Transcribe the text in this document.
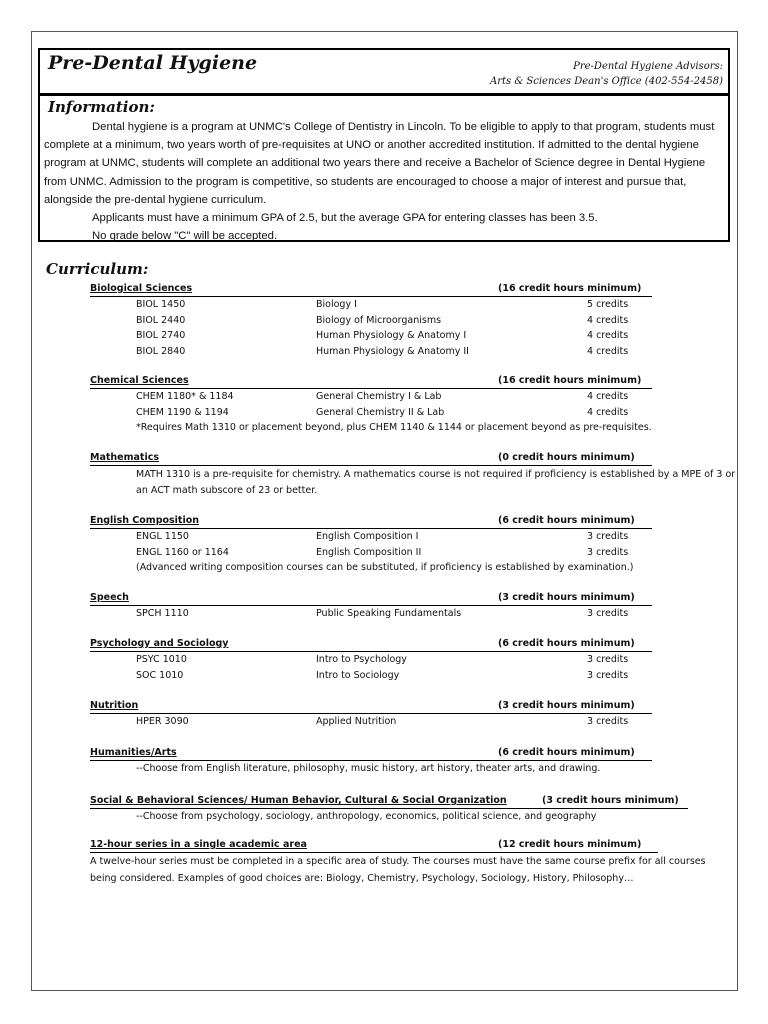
Pre-Dental Hygiene	Pre-Dental Hygiene Advisors:
Arts & Sciences Dean's Office (402-554-2458)
Information:

Dental hygiene is a program at UNMC's College of Dentistry in Lincoln. To be eligible to apply to that program, students must complete at a minimum, two years worth of pre-requisites at UNO or another accredited institution. If admitted to the dental hygiene program at UNMC, students will complete an additional two years there and receive a Bachelor of Science degree in Dental Hygiene from UNMC. Admission to the program is competitive, so students are encouraged to choose a major of interest and pursue that, alongside the pre-dental hygiene curriculum.

Applicants must have a minimum GPA of 2.5, but the average GPA for entering classes has been 3.5.

No grade below "C" will be accepted.

Curriculum:
Biological Sciences	(16 credit hours minimum)
BIOL 1450	Biology I	5 credits
BIOL 2440	Biology of Microorganisms	4 credits
BIOL 2740	Human Physiology & Anatomy I	4 credits
BIOL 2840	Human Physiology & Anatomy II	4 credits
Chemical Sciences	(16 credit hours minimum)
CHEM 1180* & 1184	General Chemistry I & Lab	4 credits
CHEM 1190 & 1194	General Chemistry II & Lab	4 credits
*Requires Math 1310 or placement beyond, plus CHEM 1140 & 1144 or placement beyond as pre-requisites.
Mathematics	(0 credit hours minimum)
MATH 1310 is a pre-requisite for chemistry. A mathematics course is not required if proficiency is established by a MPE of 3 or an ACT math subscore of 23 or better.
English Composition	(6 credit hours minimum)
ENGL 1150	English Composition I	3 credits
ENGL 1160 or 1164	English Composition II	3 credits
(Advanced writing composition courses can be substituted, if proficiency is established by examination.)
Speech	(3 credit hours minimum)
SPCH 1110	Public Speaking Fundamentals	3 credits
Psychology and Sociology	(6 credit hours minimum)
PSYC 1010	Intro to Psychology	3 credits
SOC 1010	Intro to Sociology	3 credits
Nutrition	(3 credit hours minimum)
HPER 3090	Applied Nutrition	3 credits
Humanities/Arts	(6 credit hours minimum)
--Choose from English literature, philosophy, music history, art history, theater arts, and drawing.
Social & Behavioral Sciences/ Human Behavior, Cultural & Social Organization	(3 credit hours minimum)
--Choose from psychology, sociology, anthropology, economics, political science, and geography
12-hour series in a single academic area	(12 credit hours minimum)
A twelve-hour series must be completed in a specific area of study. The courses must have the same course prefix for all courses being considered. Examples of good choices are: Biology, Chemistry, Psychology, Sociology, History, Philosophy…
